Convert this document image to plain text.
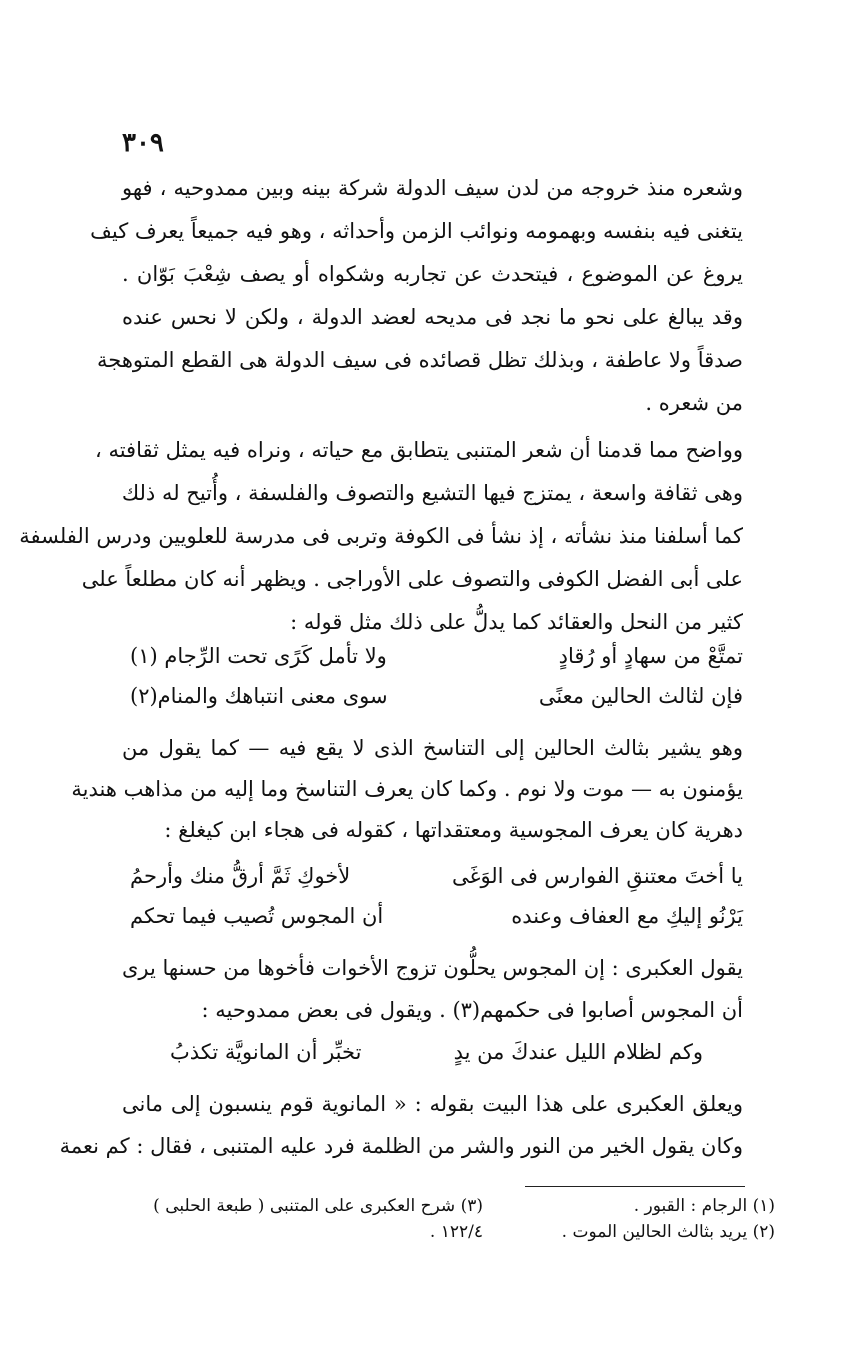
٣٠٩
وشعره منذ خروجه من لدن سيف الدولة شركة بينه وبين ممدوحيه ، فهو
يتغنى فيه بنفسه وبهمومه ونوائب الزمن وأحداثه ، وهو فيه جميعاً يعرف كيف
يروغ عن الموضوع ، فيتحدث عن تجاربه وشكواه أو يصف شِعْبَ بَوّان .
وقد يبالغ على نحو ما نجد فى مديحه لعضد الدولة ، ولكن لا نحس عنده
صدقاً ولا عاطفة ، وبذلك تظل قصائده فى سيف الدولة هى القطع المتوهجة
من شعره .
وواضح مما قدمنا أن شعر المتنبى يتطابق مع حياته ، ونراه فيه يمثل ثقافته ،
وهى ثقافة واسعة ، يمتزج فيها التشيع والتصوف والفلسفة ، وأُتيح له ذلك
كما أسلفنا منذ نشأته ، إذ نشأ فى الكوفة وتربى فى مدرسة للعلويين ودرس الفلسفة
على أبى الفضل الكوفى والتصوف على الأوراجى . ويظهر أنه كان مطلعاً على
كثير من النحل والعقائد كما يدلُّ على ذلك مثل قوله :
تمتَّعْ من سهادٍ أو رُقادٍ
ولا تأمل كَرًى تحت الرِّجام (١)
فإن لثالث الحالين معنًى
سوى معنى انتباهك والمنام(٢)
وهو يشير بثالث الحالين إلى التناسخ الذى لا يقع فيه — كما يقول من
يؤمنون به — موت ولا نوم . وكما كان يعرف التناسخ وما إليه من مذاهب هندية
دهرية كان يعرف المجوسية ومعتقداتها ، كقوله فى هجاء ابن كيغلغ :
يا أختَ معتنقِ الفوارس فى الوَغَى
لأخوكِ ثَمَّ أرقُّ منك وأرحمُ
يَرْنُو إليكِ مع العفاف وعنده
أن المجوس تُصيب فيما تحكم
يقول العكبرى : إن المجوس يحلُّون تزوج الأخوات فأخوها من حسنها يرى
أن المجوس أصابوا فى حكمهم(٣) . ويقول فى بعض ممدوحيه :
وكم لظلام الليل عندكَ من يدٍ
تخبِّر أن المانويَّة تكذبُ
ويعلق العكبرى على هذا البيت بقوله : « المانوية قوم ينسبون إلى مانى
وكان يقول الخير من النور والشر من الظلمة فرد عليه المتنبى ، فقال : كم نعمة
(١) الرجام : القبور .
(٢) يريد بثالث الحالين الموت .
(٣) شرح العكبرى على المتنبى ( طبعة الحلبى )
١٢٢/٤ .
